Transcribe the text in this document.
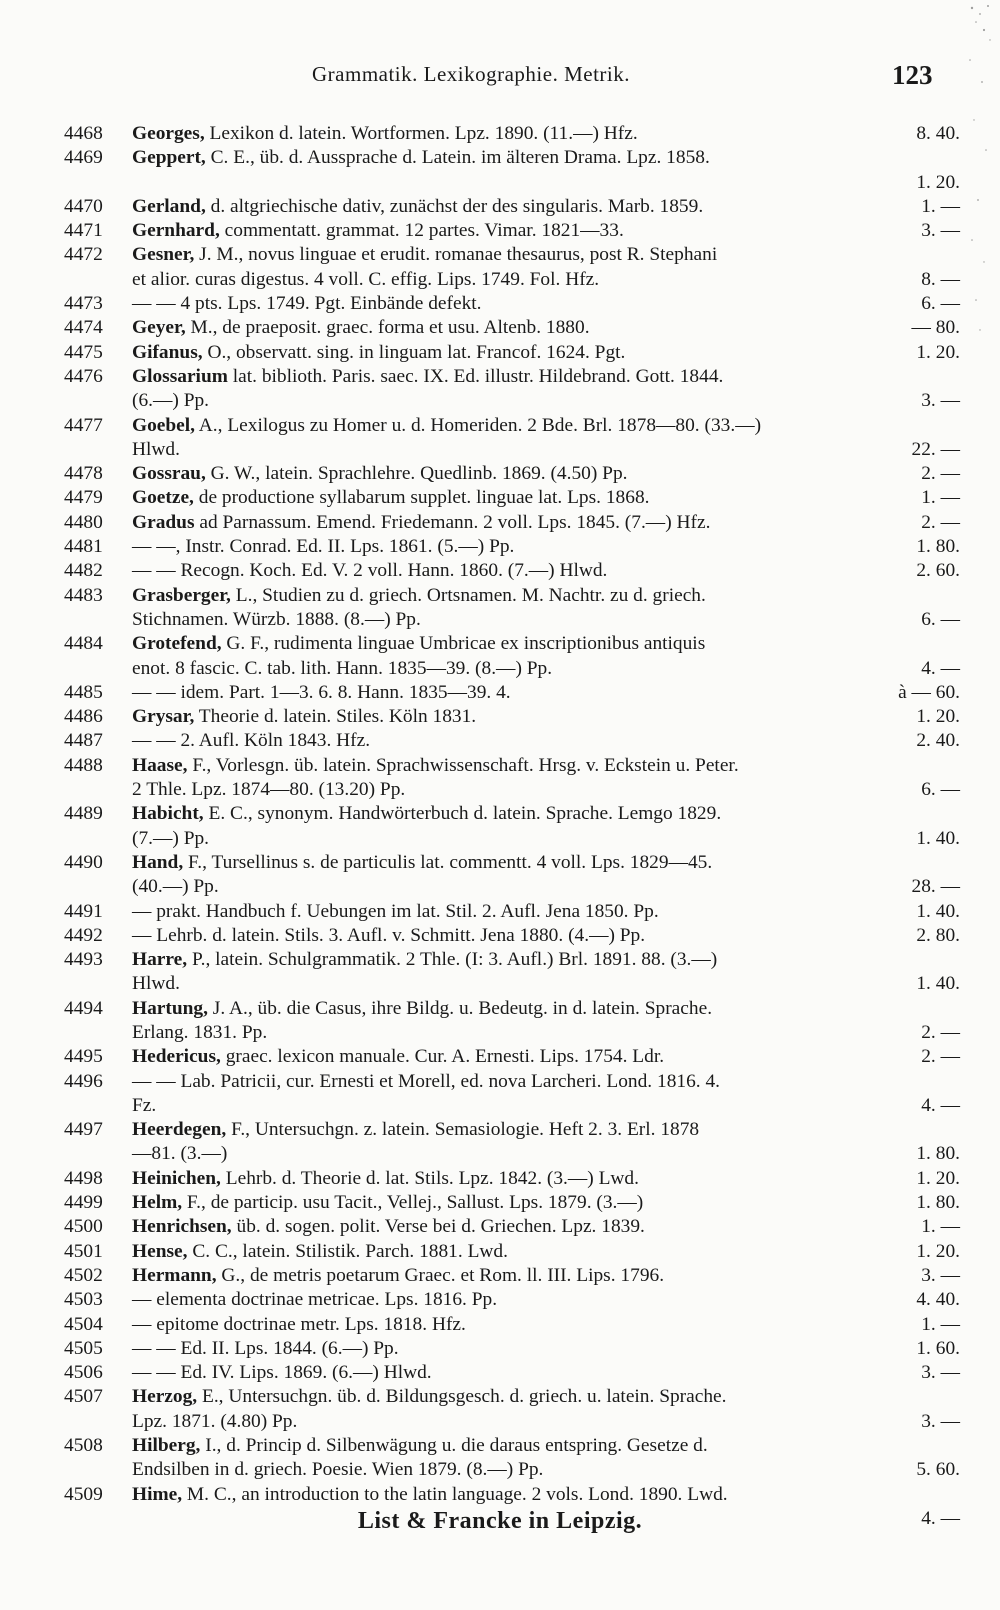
Grammatik. Lexikographie. Metrik.	123
4468	Georges, Lexikon d. latein. Wortformen. Lpz. 1890. (11.—) Hfz.	8. 40.
4469	Geppert, C. E., üb. d. Aussprache d. Latein. im älteren Drama. Lpz. 1858.
1. 20.
4470	Gerland, d. altgriechische dativ, zunächst der des singularis. Marb. 1859.	1. —
4471	Gernhard, commentatt. grammat. 12 partes. Vimar. 1821—33.	3. —
4472	Gesner, J. M., novus linguae et erudit. romanae thesaurus, post R. Stephani
et alior. curas digestus. 4 voll. C. effig. Lips. 1749. Fol. Hfz.	8. —
4473	— — 4 pts. Lps. 1749. Pgt. Einbände defekt.	6. —
4474	Geyer, M., de praeposit. graec. forma et usu. Altenb. 1880.	— 80.
4475	Gifanus, O., observatt. sing. in linguam lat. Francof. 1624. Pgt.	1. 20.
4476	Glossarium lat. biblioth. Paris. saec. IX. Ed. illustr. Hildebrand. Gott. 1844.
(6.—) Pp.	3. —
4477	Goebel, A., Lexilogus zu Homer u. d. Homeriden. 2 Bde. Brl. 1878—80. (33.—)
Hlwd.	22. —
4478	Gossrau, G. W., latein. Sprachlehre. Quedlinb. 1869. (4.50) Pp.	2. —
4479	Goetze, de productione syllabarum supplet. linguae lat. Lps. 1868.	1. —
4480	Gradus ad Parnassum. Emend. Friedemann. 2 voll. Lps. 1845. (7.—) Hfz.	2. —
4481	— —, Instr. Conrad. Ed. II. Lps. 1861. (5.—) Pp.	1. 80.
4482	— — Recogn. Koch. Ed. V. 2 voll. Hann. 1860. (7.—) Hlwd.	2. 60.
4483	Grasberger, L., Studien zu d. griech. Ortsnamen. M. Nachtr. zu d. griech.
Stichnamen. Würzb. 1888. (8.—) Pp.	6. —
4484	Grotefend, G. F., rudimenta linguae Umbricae ex inscriptionibus antiquis
enot. 8 fascic. C. tab. lith. Hann. 1835—39. (8.—) Pp.	4. —
4485	— — idem. Part. 1—3. 6. 8. Hann. 1835—39. 4.	à — 60.
4486	Grysar, Theorie d. latein. Stiles. Köln 1831.	1. 20.
4487	— — 2. Aufl. Köln 1843. Hfz.	2. 40.
4488	Haase, F., Vorlesgn. üb. latein. Sprachwissenschaft. Hrsg. v. Eckstein u. Peter.
2 Thle. Lpz. 1874—80. (13.20) Pp.	6. —
4489	Habicht, E. C., synonym. Handwörterbuch d. latein. Sprache. Lemgo 1829.
(7.—) Pp.	1. 40.
4490	Hand, F., Tursellinus s. de particulis lat. commentt. 4 voll. Lps. 1829—45.
(40.—) Pp.	28. —
4491	— prakt. Handbuch f. Uebungen im lat. Stil. 2. Aufl. Jena 1850. Pp.	1. 40.
4492	— Lehrb. d. latein. Stils. 3. Aufl. v. Schmitt. Jena 1880. (4.—) Pp.	2. 80.
4493	Harre, P., latein. Schulgrammatik. 2 Thle. (I: 3. Aufl.) Brl. 1891. 88. (3.—)
Hlwd.	1. 40.
4494	Hartung, J. A., üb. die Casus, ihre Bildg. u. Bedeutg. in d. latein. Sprache.
Erlang. 1831. Pp.	2. —
4495	Hedericus, graec. lexicon manuale. Cur. A. Ernesti. Lips. 1754. Ldr.	2. —
4496	— — Lab. Patricii, cur. Ernesti et Morell, ed. nova Larcheri. Lond. 1816. 4.
Fz.	4. —
4497	Heerdegen, F., Untersuchgn. z. latein. Semasiologie. Heft 2. 3. Erl. 1878
—81. (3.—)	1. 80.
4498	Heinichen, Lehrb. d. Theorie d. lat. Stils. Lpz. 1842. (3.—) Lwd.	1. 20.
4499	Helm, F., de particip. usu Tacit., Vellej., Sallust. Lps. 1879. (3.—)	1. 80.
4500	Henrichsen, üb. d. sogen. polit. Verse bei d. Griechen. Lpz. 1839.	1. —
4501	Hense, C. C., latein. Stilistik. Parch. 1881. Lwd.	1. 20.
4502	Hermann, G., de metris poetarum Graec. et Rom. ll. III. Lips. 1796.	3. —
4503	— elementa doctrinae metricae. Lps. 1816. Pp.	4. 40.
4504	— epitome doctrinae metr. Lps. 1818. Hfz.	1. —
4505	— — Ed. II. Lps. 1844. (6.—) Pp.	1. 60.
4506	— — Ed. IV. Lips. 1869. (6.—) Hlwd.	3. —
4507	Herzog, E., Untersuchgn. üb. d. Bildungsgesch. d. griech. u. latein. Sprache.
Lpz. 1871. (4.80) Pp.	3. —
4508	Hilberg, I., d. Princip d. Silbenwägung u. die daraus entspring. Gesetze d.
Endsilben in d. griech. Poesie. Wien 1879. (8.—) Pp.	5. 60.
4509	Hime, M. C., an introduction to the latin language. 2 vols. Lond. 1890. Lwd.
4. —
List & Francke in Leipzig.
